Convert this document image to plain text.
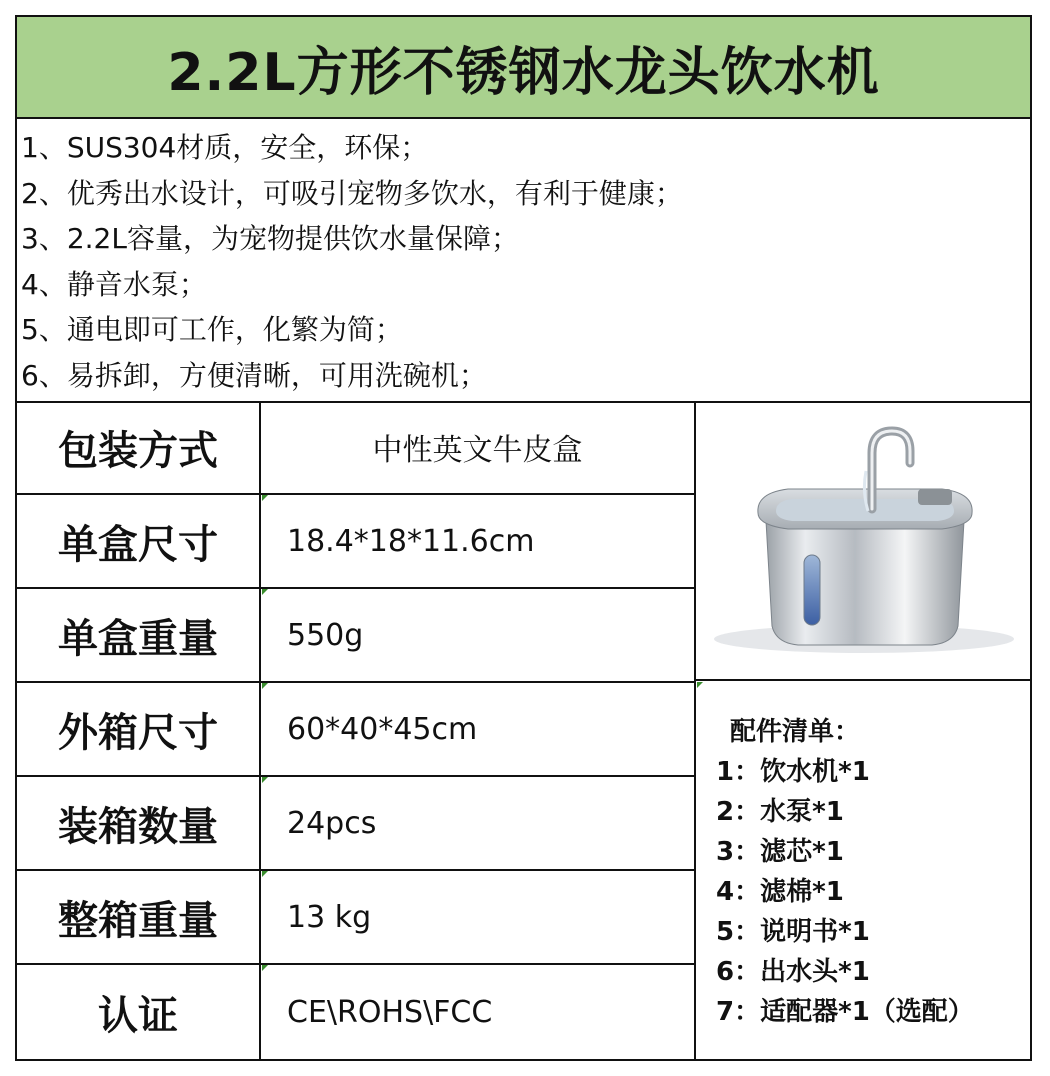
2.2L方形不锈钢水龙头饮水机
1、SUS304材质，安全，环保；
2、优秀出水设计，可吸引宠物多饮水，有利于健康；
3、2.2L容量，为宠物提供饮水量保障；
4、静音水泵；
5、通电即可工作，化繁为简；
6、易拆卸，方便清晰，可用洗碗机；
包装方式	中性英文牛皮盒
单盒尺寸	18.4*18*11.6cm
单盒重量	550g
外箱尺寸	60*40*45cm
装箱数量	24pcs
整箱重量	13 kg
认证	CE\ROHS\FCC
配件清单：
1：饮水机*1
2：水泵*1
3：滤芯*1
4：滤棉*1
5：说明书*1
6：出水头*1
7：适配器*1（选配）
